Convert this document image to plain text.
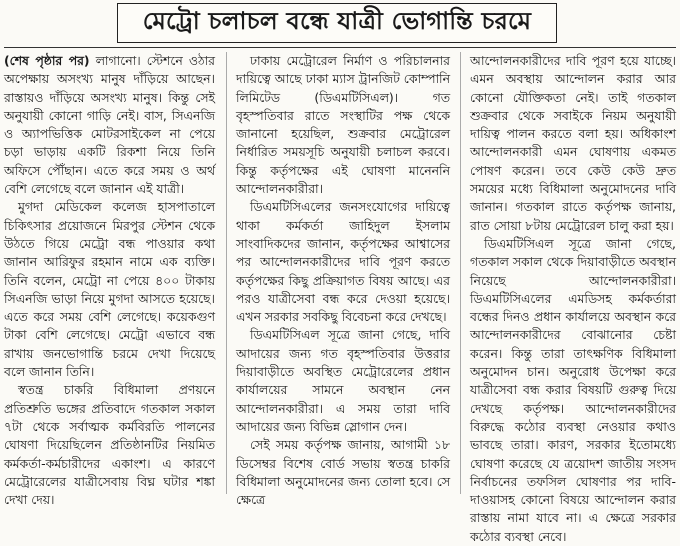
মেট্রো চলাচল বন্ধে যাত্রী ভোগান্তি চরমে

(শেষ পৃষ্ঠার পর) লাগানো। স্টেশনে ওঠার অপেক্ষায় অসংখ্য মানুষ দাঁড়িয়ে আছেন। রাস্তায়ও দাঁড়িয়ে অসংখ্য মানুষ। কিন্তু সেই অনুযায়ী কোনো গাড়ি নেই। বাস, সিএনজি ও অ্যাপভিত্তিক মোটরসাইকেল না পেয়ে চড়া ভাড়ায় একটি রিকশা নিয়ে তিনি অফিসে পৌঁছান। এতে করে সময় ও অর্থ বেশি লেগেছে বলে জানান এই যাত্রী।

মুগদা মেডিকেল কলেজ হাসপাতালে চিকিৎসার প্রয়োজনে মিরপুর স্টেশন থেকে উঠতে গিয়ে মেট্রো বন্ধ পাওয়ার কথা জানান আরিফুর রহমান নামে এক ব্যক্তি। তিনি বলেন, মেট্রো না পেয়ে ৪০০ টাকায় সিএনজি ভাড়া নিয়ে মুগদা আসতে হয়েছে। এতে করে সময় বেশি লেগেছে। কয়েকগুণ টাকা বেশি লেগেছে। মেট্রো এভাবে বন্ধ রাখায় জনভোগান্তি চরমে দেখা দিয়েছে বলে জানান তিনি।

স্বতন্ত্র চাকরি বিধিমালা প্রণয়নে প্রতিশ্রুতি ভঙ্গের প্রতিবাদে গতকাল সকাল ৭টা থেকে সর্বাত্মক কর্মবিরতি পালনের ঘোষণা দিয়েছিলেন প্রতিষ্ঠানটির নিয়মিত কর্মকর্তা-কর্মচারীদের একাংশ। এ কারণে মেট্রোরেলের যাত্রীসেবায় বিঘ্ন ঘটার শঙ্কা দেখা দেয়।

ঢাকায় মেট্রোরেল নির্মাণ ও পরিচালনার দায়িত্বে আছে ঢাকা ম্যাস ট্রানজিট কোম্পানি লিমিটেড (ডিএমটিসিএল)। গত বৃহস্পতিবার রাতে সংস্থাটির পক্ষ থেকে জানানো হয়েছিল, শুক্রবার মেট্রোরেল নির্ধারিত সময়সূচি অনুযায়ী চলাচল করবে। কিন্তু কর্তৃপক্ষের এই ঘোষণা মানেননি আন্দোলনকারীরা।

ডিএমটিসিএলের জনসংযোগের দায়িত্বে থাকা কর্মকর্তা জাহিদুল ইসলাম সাংবাদিকদের জানান, কর্তৃপক্ষের আশ্বাসের পর আন্দোলনকারীদের দাবি পূরণ করতে কর্তৃপক্ষের কিছু প্রক্রিয়াগত বিষয় আছে। এর পরও যাত্রীসেবা বন্ধ করে দেওয়া হয়েছে। এখন সরকার সবকিছু বিবেচনা করে দেখছে।

ডিএমটিসিএল সূত্রে জানা গেছে, দাবি আদায়ের জন্য গত বৃহস্পতিবার উত্তরার দিয়াবাড়ীতে অবস্থিত মেট্রোরেলের প্রধান কার্যালয়ের সামনে অবস্থান নেন আন্দোলনকারীরা। এ সময় তারা দাবি আদায়ের জন্য বিভিন্ন স্লোগান দেন।

সেই সময় কর্তৃপক্ষ জানায়, আগামী ১৮ ডিসেম্বর বিশেষ বোর্ড সভায় স্বতন্ত্র চাকরি বিধিমালা অনুমোদনের জন্য তোলা হবে। সে ক্ষেত্রে

আন্দোলনকারীদের দাবি পূরণ হয়ে যাচ্ছে। এমন অবস্থায় আন্দোলন করার আর কোনো যৌক্তিকতা নেই। তাই গতকাল শুক্রবার থেকে সবাইকে নিয়ম অনুযায়ী দায়িত্ব পালন করতে বলা হয়। অধিকাংশ আন্দোলনকারী এমন ঘোষণায় একমত পোষণ করেন। তবে কেউ কেউ দ্রুত সময়ের মধ্যে বিধিমালা অনুমোদনের দাবি জানান। গতকাল রাতে কর্তৃপক্ষ জানায়, রাত সোয়া ৮টায় মেট্রোরেল চালু করা হয়।

ডিএমটিসিএল সূত্রে জানা গেছে, গতকাল সকাল থেকে দিয়াবাড়ীতে অবস্থান নিয়েছে আন্দোলনকারীরা। ডিএমটিসিএলের এমডিসহ কর্মকর্তারা বন্ধের দিনও প্রধান কার্যালয়ে অবস্থান করে আন্দোলনকারীদের বোঝানোর চেষ্টা করেন। কিন্তু তারা তাৎক্ষণিক বিধিমালা অনুমোদন চান। অনুরোধ উপেক্ষা করে যাত্রীসেবা বন্ধ করার বিষয়টি গুরুত্ব দিয়ে দেখছে কর্তৃপক্ষ। আন্দোলনকারীদের বিরুদ্ধে কঠোর ব্যবস্থা নেওয়ার কথাও ভাবছে তারা। কারণ, সরকার ইতোমধ্যে ঘোষণা করেছে যে ত্রয়োদশ জাতীয় সংসদ নির্বাচনের তফসিল ঘোষণার পর দাবি-দাওয়াসহ কোনো বিষয়ে আন্দোলন করার রাস্তায় নামা যাবে না। এ ক্ষেত্রে সরকার কঠোর ব্যবস্থা নেবে।
